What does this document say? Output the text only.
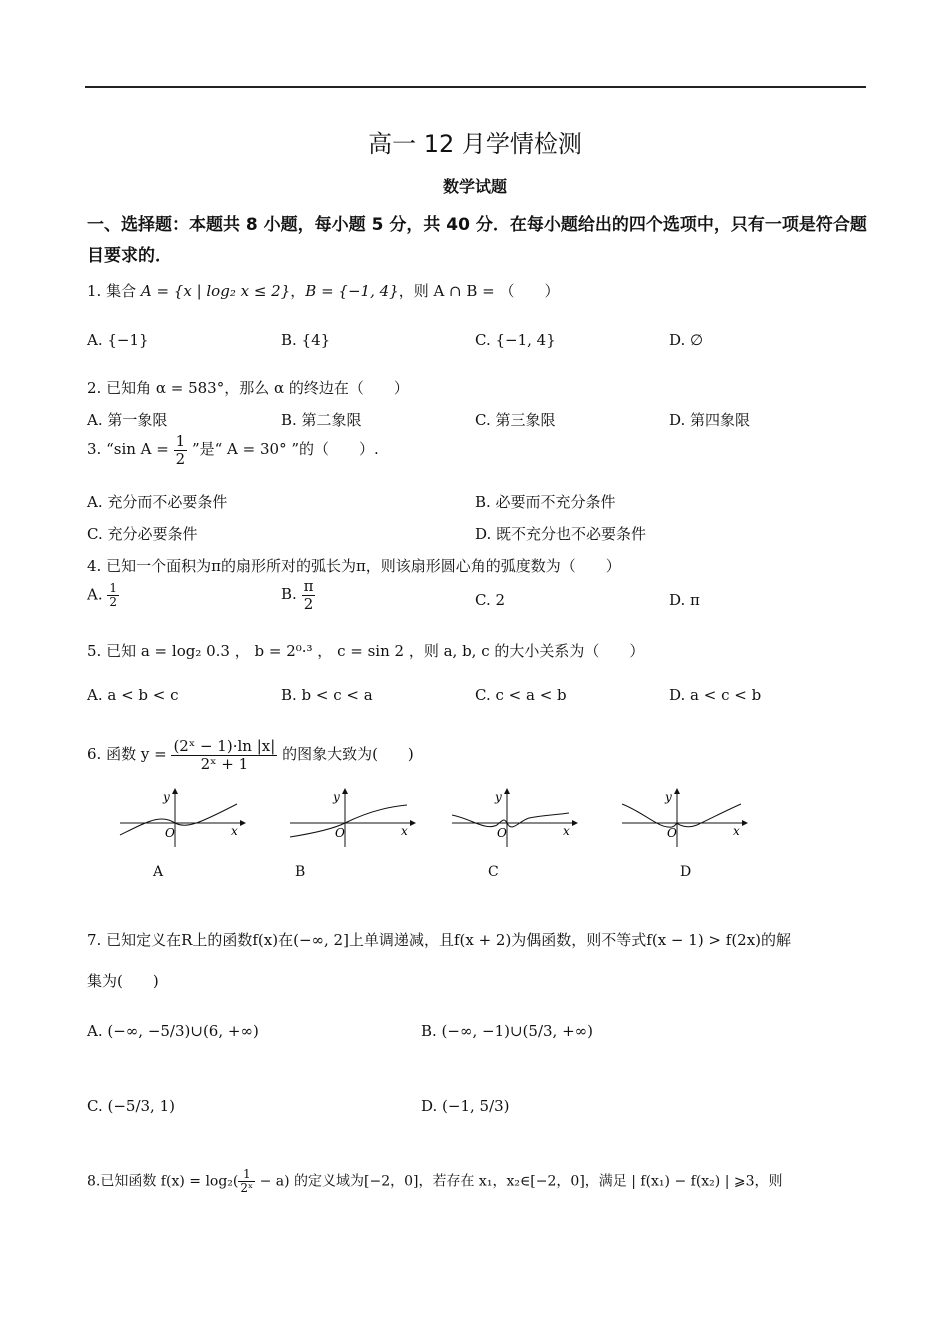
高一 12 月学情检测
数学试题
一、选择题：本题共 8 小题，每小题 5 分，共 40 分．在每小题给出的四个选项中，只有一项是符合题目要求的．
1. 集合 A = {x | log₂ x ≤ 2}，B = {−1, 4}，则 A ∩ B = （　　）
A. {−1}	B. {4}	C. {−1, 4}	D. ∅
2. 已知角 α = 583°，那么 α 的终边在（　　）
A. 第一象限	B. 第二象限	C. 第三象限	D. 第四象限
3. “sin $A = \frac{1}{2}$ ”是“ A = 30° ”的（　　）.
A. 充分而不必要条件	B. 必要而不充分条件
C. 充分必要条件	D. 既不充分也不必要条件
4. 已知一个面积为π的扇形所对的弧长为π，则该扇形圆心角的弧度数为（　　）
A. $\frac{1}{2}$	B. $\frac{\pi}{2}$	C. 2	D. π
5. 已知 a = log₂ 0.3 ， b = 2⁰·³ ， c = sin 2 ，则 a, b, c 的大小关系为（　　）
A. a < b < c	B. b < c < a	C. c < a < b	D. a < c < b
6. 函数 $y = \frac{\text{(2ˣ − 1)·ln |x|}}{\text{2ˣ + 1}}$ 的图象大致为(　　)
y
x
O
y
x
O
y
x
O
y
x
O
A	B	C	D
7. 已知定义在R上的函数f(x)在(−∞, 2]上单调递减，且f(x + 2)为偶函数，则不等式f(x − 1) > f(2x)的解
集为(　　)
A. (−∞, −5/3)∪(6, +∞)	B. (−∞, −1)∪(5/3, +∞)
C. (−5/3, 1)	D. (−1, 5/3)
8.已知函数 $f(x) = \log_2( \frac{1}{\text{2ˣ}} - a)$ 的定义域为[−2，0]，若存在 x₁，x₂∈[−2，0]，满足 | f(x₁) − f(x₂) | ⩾3，则
